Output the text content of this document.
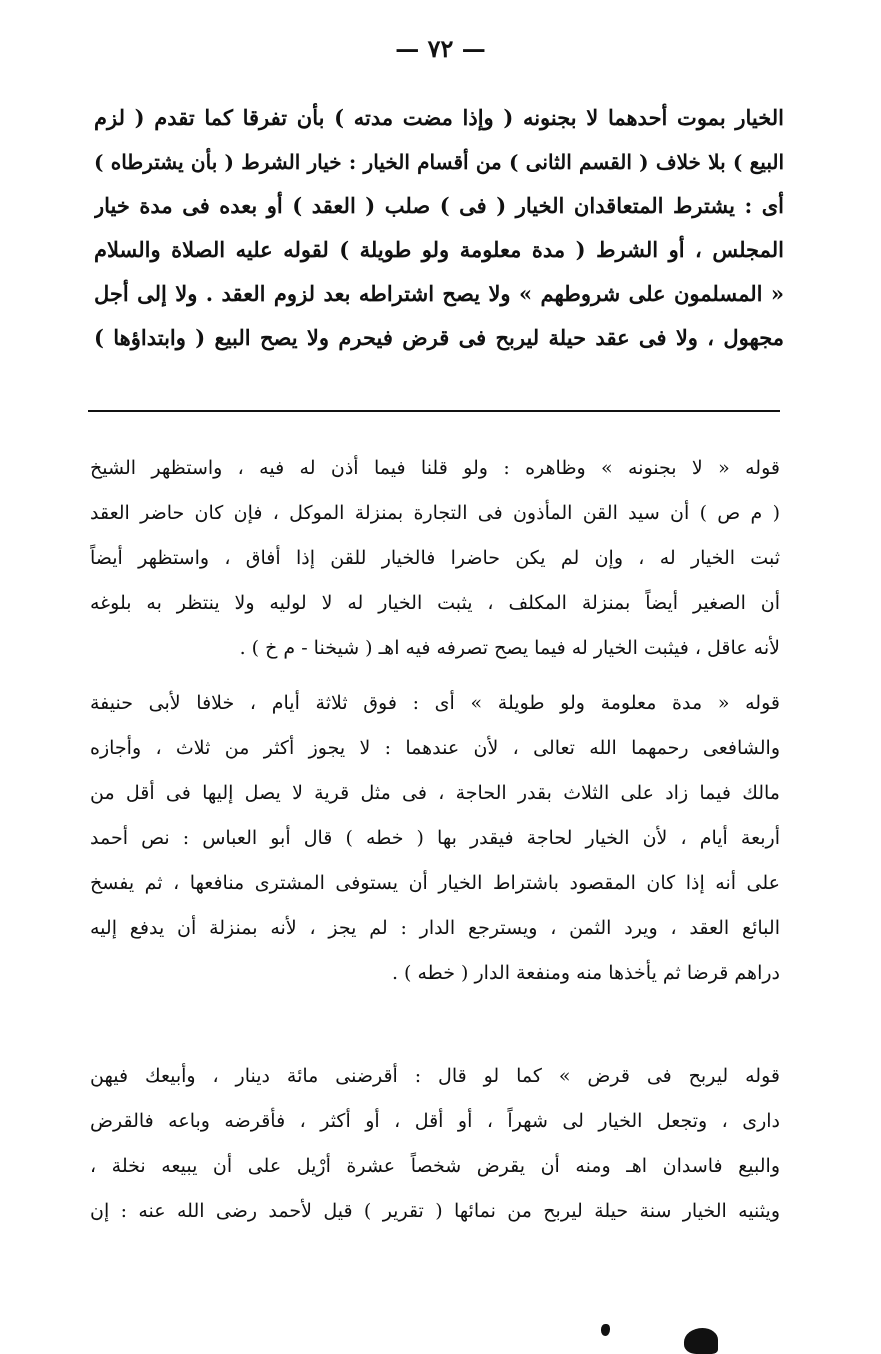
— ٧٢ —
الخيار بموت أحدهما لا بجنونه ( وإذا مضت مدته ) بأن تفرقا كما تقدم ( لزم
البيع ) بلا خلاف ( القسم الثانى ) من أقسام الخيار : خيار الشرط ( بأن يشترطاه )
أى : يشترط المتعاقدان الخيار ( فى ) صلب ( العقد ) أو بعده فى مدة خيار
المجلس ، أو الشرط ( مدة معلومة ولو طويلة ) لقوله عليه الصلاة والسلام
« المسلمون على شروطهم » ولا يصح اشتراطه بعد لزوم العقد . ولا إلى أجل
مجهول ، ولا فى عقد حيلة ليربح فى قرض فيحرم ولا يصح البيع ( وابتداؤها )
قوله « لا بجنونه » وظاهره : ولو قلنا فيما أذن له فيه ، واستظهر الشيخ
( م ص ) أن سيد القن المأذون فى التجارة بمنزلة الموكل ، فإن كان حاضر العقد
ثبت الخيار له ، وإن لم يكن حاضرا فالخيار للقن إذا أفاق ، واستظهر أيضاً
أن الصغير أيضاً بمنزلة المكلف ، يثبت الخيار له لا لوليه ولا ينتظر به بلوغه
لأنه عاقل ، فيثبت الخيار له فيما يصح تصرفه فيه اهـ ( شيخنا - م خ ) .
قوله « مدة معلومة ولو طويلة » أى : فوق ثلاثة أيام ، خلافا لأبى حنيفة
والشافعى رحمهما الله تعالى ، لأن عندهما : لا يجوز أكثر من ثلاث ، وأجازه
مالك فيما زاد على الثلاث بقدر الحاجة ، فى مثل قرية لا يصل إليها فى أقل من
أربعة أيام ، لأن الخيار لحاجة فيقدر بها ( خطه ) قال أبو العباس : نص أحمد
على أنه إذا كان المقصود باشتراط الخيار أن يستوفى المشترى منافعها ، ثم يفسخ
البائع العقد ، ويرد الثمن ، ويسترجع الدار : لم يجز ، لأنه بمنزلة أن يدفع إليه
دراهم قرضا ثم يأخذها منه ومنفعة الدار ( خطه ) .
قوله ليربح فى قرض » كما لو قال : أقرضنى مائة دينار ، وأبيعك فيهن
دارى ، وتجعل الخيار لى شهراً ، أو أقل ، أو أكثر ، فأقرضه وباعه فالقرض
والبيع فاسدان اهـ ومنه أن يقرض شخصاً عشرة أرْيل على أن يبيعه نخلة ،
ويثنيه الخيار سنة حيلة ليربح من نمائها ( تقرير ) قيل لأحمد رضى الله عنه : إن
